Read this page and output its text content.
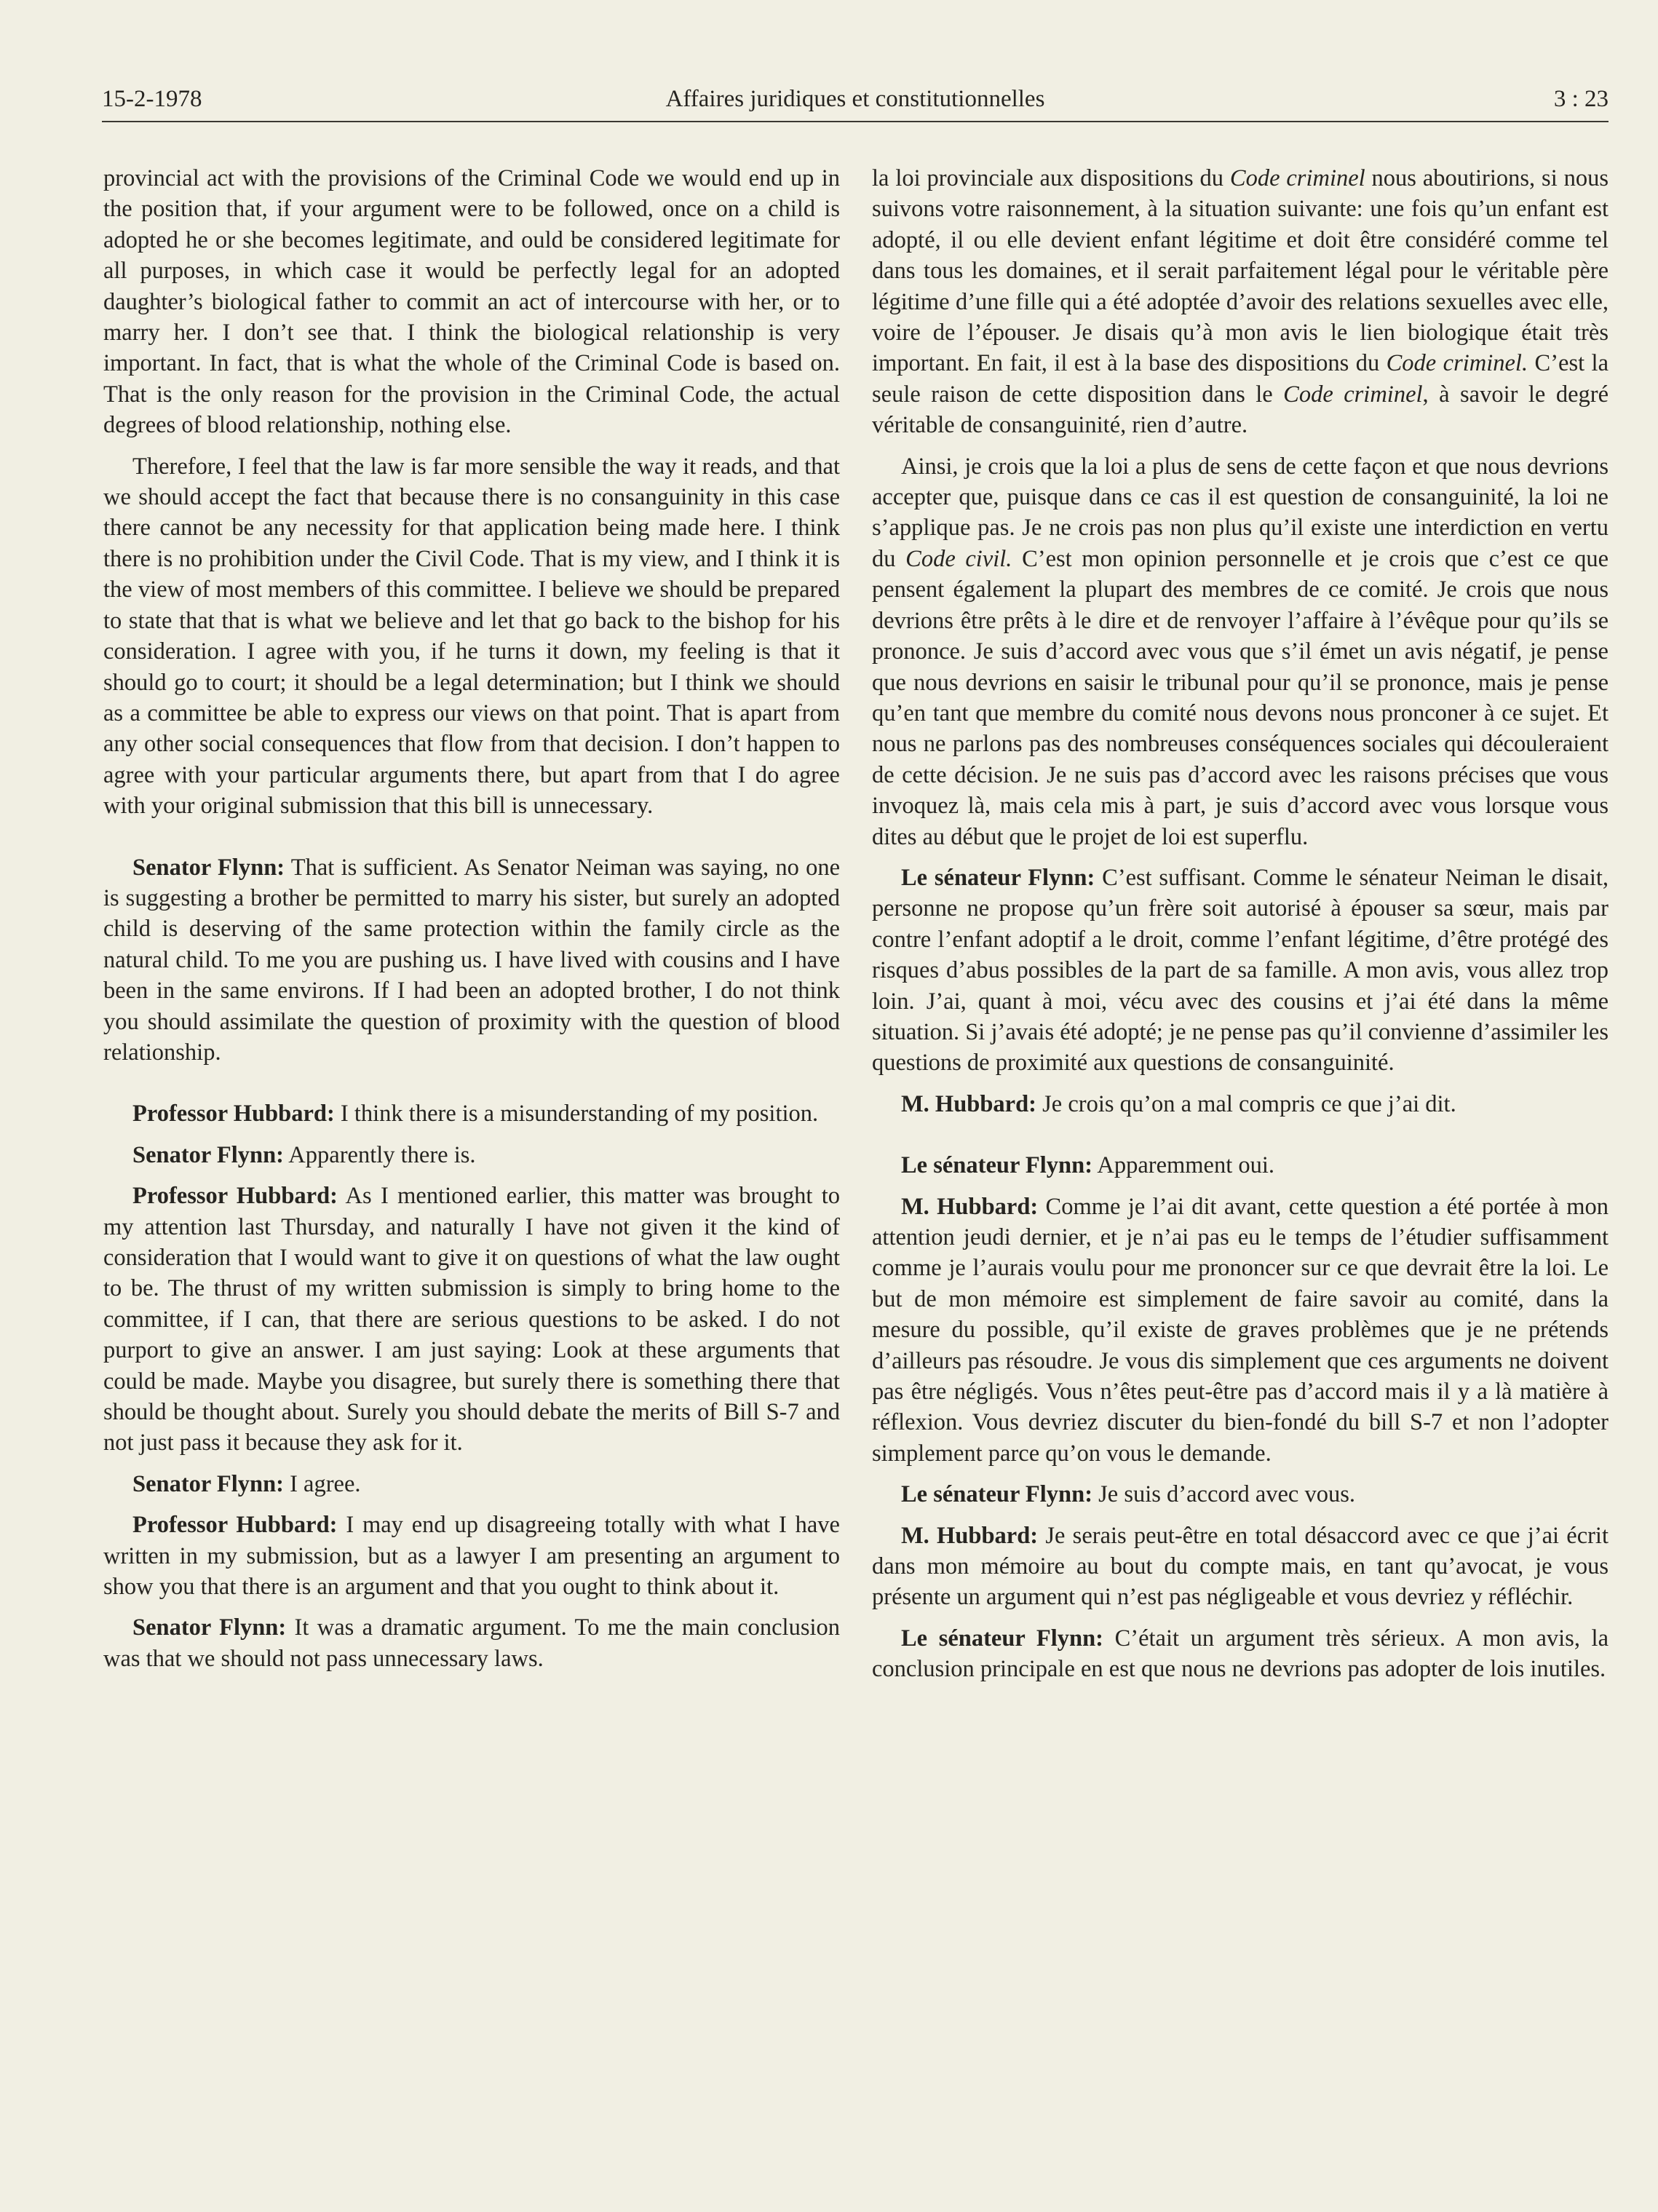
15-2-1978	Affaires juridiques et constitutionnelles	3 : 23

provincial act with the provisions of the Criminal Code we would end up in the position that, if your argument were to be followed, once on a child is adopted he or she becomes legitimate, and ould be considered legitimate for all purposes, in which case it would be perfectly legal for an adopted daughter’s biological father to commit an act of intercourse with her, or to marry her. I don’t see that. I think the biological relationship is very important. In fact, that is what the whole of the Criminal Code is based on. That is the only reason for the provision in the Criminal Code, the actual degrees of blood relationship, nothing else.

Therefore, I feel that the law is far more sensible the way it reads, and that we should accept the fact that because there is no consanguinity in this case there cannot be any necessity for that application being made here. I think there is no prohibition under the Civil Code. That is my view, and I think it is the view of most members of this committee. I believe we should be prepared to state that that is what we believe and let that go back to the bishop for his consideration. I agree with you, if he turns it down, my feeling is that it should go to court; it should be a legal determination; but I think we should as a committee be able to express our views on that point. That is apart from any other social consequences that flow from that decision. I don’t happen to agree with your particular arguments there, but apart from that I do agree with your original submission that this bill is unnecessary.

Senator Flynn: That is sufficient. As Senator Neiman was saying, no one is suggesting a brother be permitted to marry his sister, but surely an adopted child is deserving of the same protection within the family circle as the natural child. To me you are pushing us. I have lived with cousins and I have been in the same environs. If I had been an adopted brother, I do not think you should assimilate the question of proximity with the question of blood relationship.

Professor Hubbard: I think there is a misunderstanding of my position.

Senator Flynn: Apparently there is.

Professor Hubbard: As I mentioned earlier, this matter was brought to my attention last Thursday, and naturally I have not given it the kind of consideration that I would want to give it on questions of what the law ought to be. The thrust of my written submission is simply to bring home to the committee, if I can, that there are serious questions to be asked. I do not purport to give an answer. I am just saying: Look at these arguments that could be made. Maybe you disagree, but surely there is something there that should be thought about. Surely you should debate the merits of Bill S-7 and not just pass it because they ask for it.

Senator Flynn: I agree.

Professor Hubbard: I may end up disagreeing totally with what I have written in my submission, but as a lawyer I am presenting an argument to show you that there is an argument and that you ought to think about it.

Senator Flynn: It was a dramatic argument. To me the main conclusion was that we should not pass unnecessary laws.

la loi provinciale aux dispositions du Code criminel nous aboutirions, si nous suivons votre raisonnement, à la situation suivante: une fois qu’un enfant est adopté, il ou elle devient enfant légitime et doit être considéré comme tel dans tous les domaines, et il serait parfaitement légal pour le véritable père légitime d’une fille qui a été adoptée d’avoir des relations sexuelles avec elle, voire de l’épouser. Je disais qu’à mon avis le lien biologique était très important. En fait, il est à la base des dispositions du Code criminel. C’est la seule raison de cette disposition dans le Code criminel, à savoir le degré véritable de consanguinité, rien d’autre.

Ainsi, je crois que la loi a plus de sens de cette façon et que nous devrions accepter que, puisque dans ce cas il est question de consanguinité, la loi ne s’applique pas. Je ne crois pas non plus qu’il existe une interdiction en vertu du Code civil. C’est mon opinion personnelle et je crois que c’est ce que pensent également la plupart des membres de ce comité. Je crois que nous devrions être prêts à le dire et de renvoyer l’affaire à l’évêque pour qu’ils se prononce. Je suis d’accord avec vous que s’il émet un avis négatif, je pense que nous devrions en saisir le tribunal pour qu’il se prononce, mais je pense qu’en tant que membre du comité nous devons nous pronconer à ce sujet. Et nous ne parlons pas des nombreuses conséquences sociales qui découleraient de cette décision. Je ne suis pas d’accord avec les raisons précises que vous invoquez là, mais cela mis à part, je suis d’accord avec vous lorsque vous dites au début que le projet de loi est superflu.

Le sénateur Flynn: C’est suffisant. Comme le sénateur Neiman le disait, personne ne propose qu’un frère soit autorisé à épouser sa sœur, mais par contre l’enfant adoptif a le droit, comme l’enfant légitime, d’être protégé des risques d’abus possibles de la part de sa famille. A mon avis, vous allez trop loin. J’ai, quant à moi, vécu avec des cousins et j’ai été dans la même situation. Si j’avais été adopté; je ne pense pas qu’il convienne d’assimiler les questions de proximité aux questions de consanguinité.

M. Hubbard: Je crois qu’on a mal compris ce que j’ai dit.

Le sénateur Flynn: Apparemment oui.

M. Hubbard: Comme je l’ai dit avant, cette question a été portée à mon attention jeudi dernier, et je n’ai pas eu le temps de l’étudier suffisamment comme je l’aurais voulu pour me prononcer sur ce que devrait être la loi. Le but de mon mémoire est simplement de faire savoir au comité, dans la mesure du possible, qu’il existe de graves problèmes que je ne prétends d’ailleurs pas résoudre. Je vous dis simplement que ces arguments ne doivent pas être négligés. Vous n’êtes peut-être pas d’accord mais il y a là matière à réflexion. Vous devriez discuter du bien-fondé du bill S-7 et non l’adopter simplement parce qu’on vous le demande.

Le sénateur Flynn: Je suis d’accord avec vous.

M. Hubbard: Je serais peut-être en total désaccord avec ce que j’ai écrit dans mon mémoire au bout du compte mais, en tant qu’avocat, je vous présente un argument qui n’est pas négligeable et vous devriez y réfléchir.

Le sénateur Flynn: C’était un argument très sérieux. A mon avis, la conclusion principale en est que nous ne devrions pas adopter de lois inutiles.
